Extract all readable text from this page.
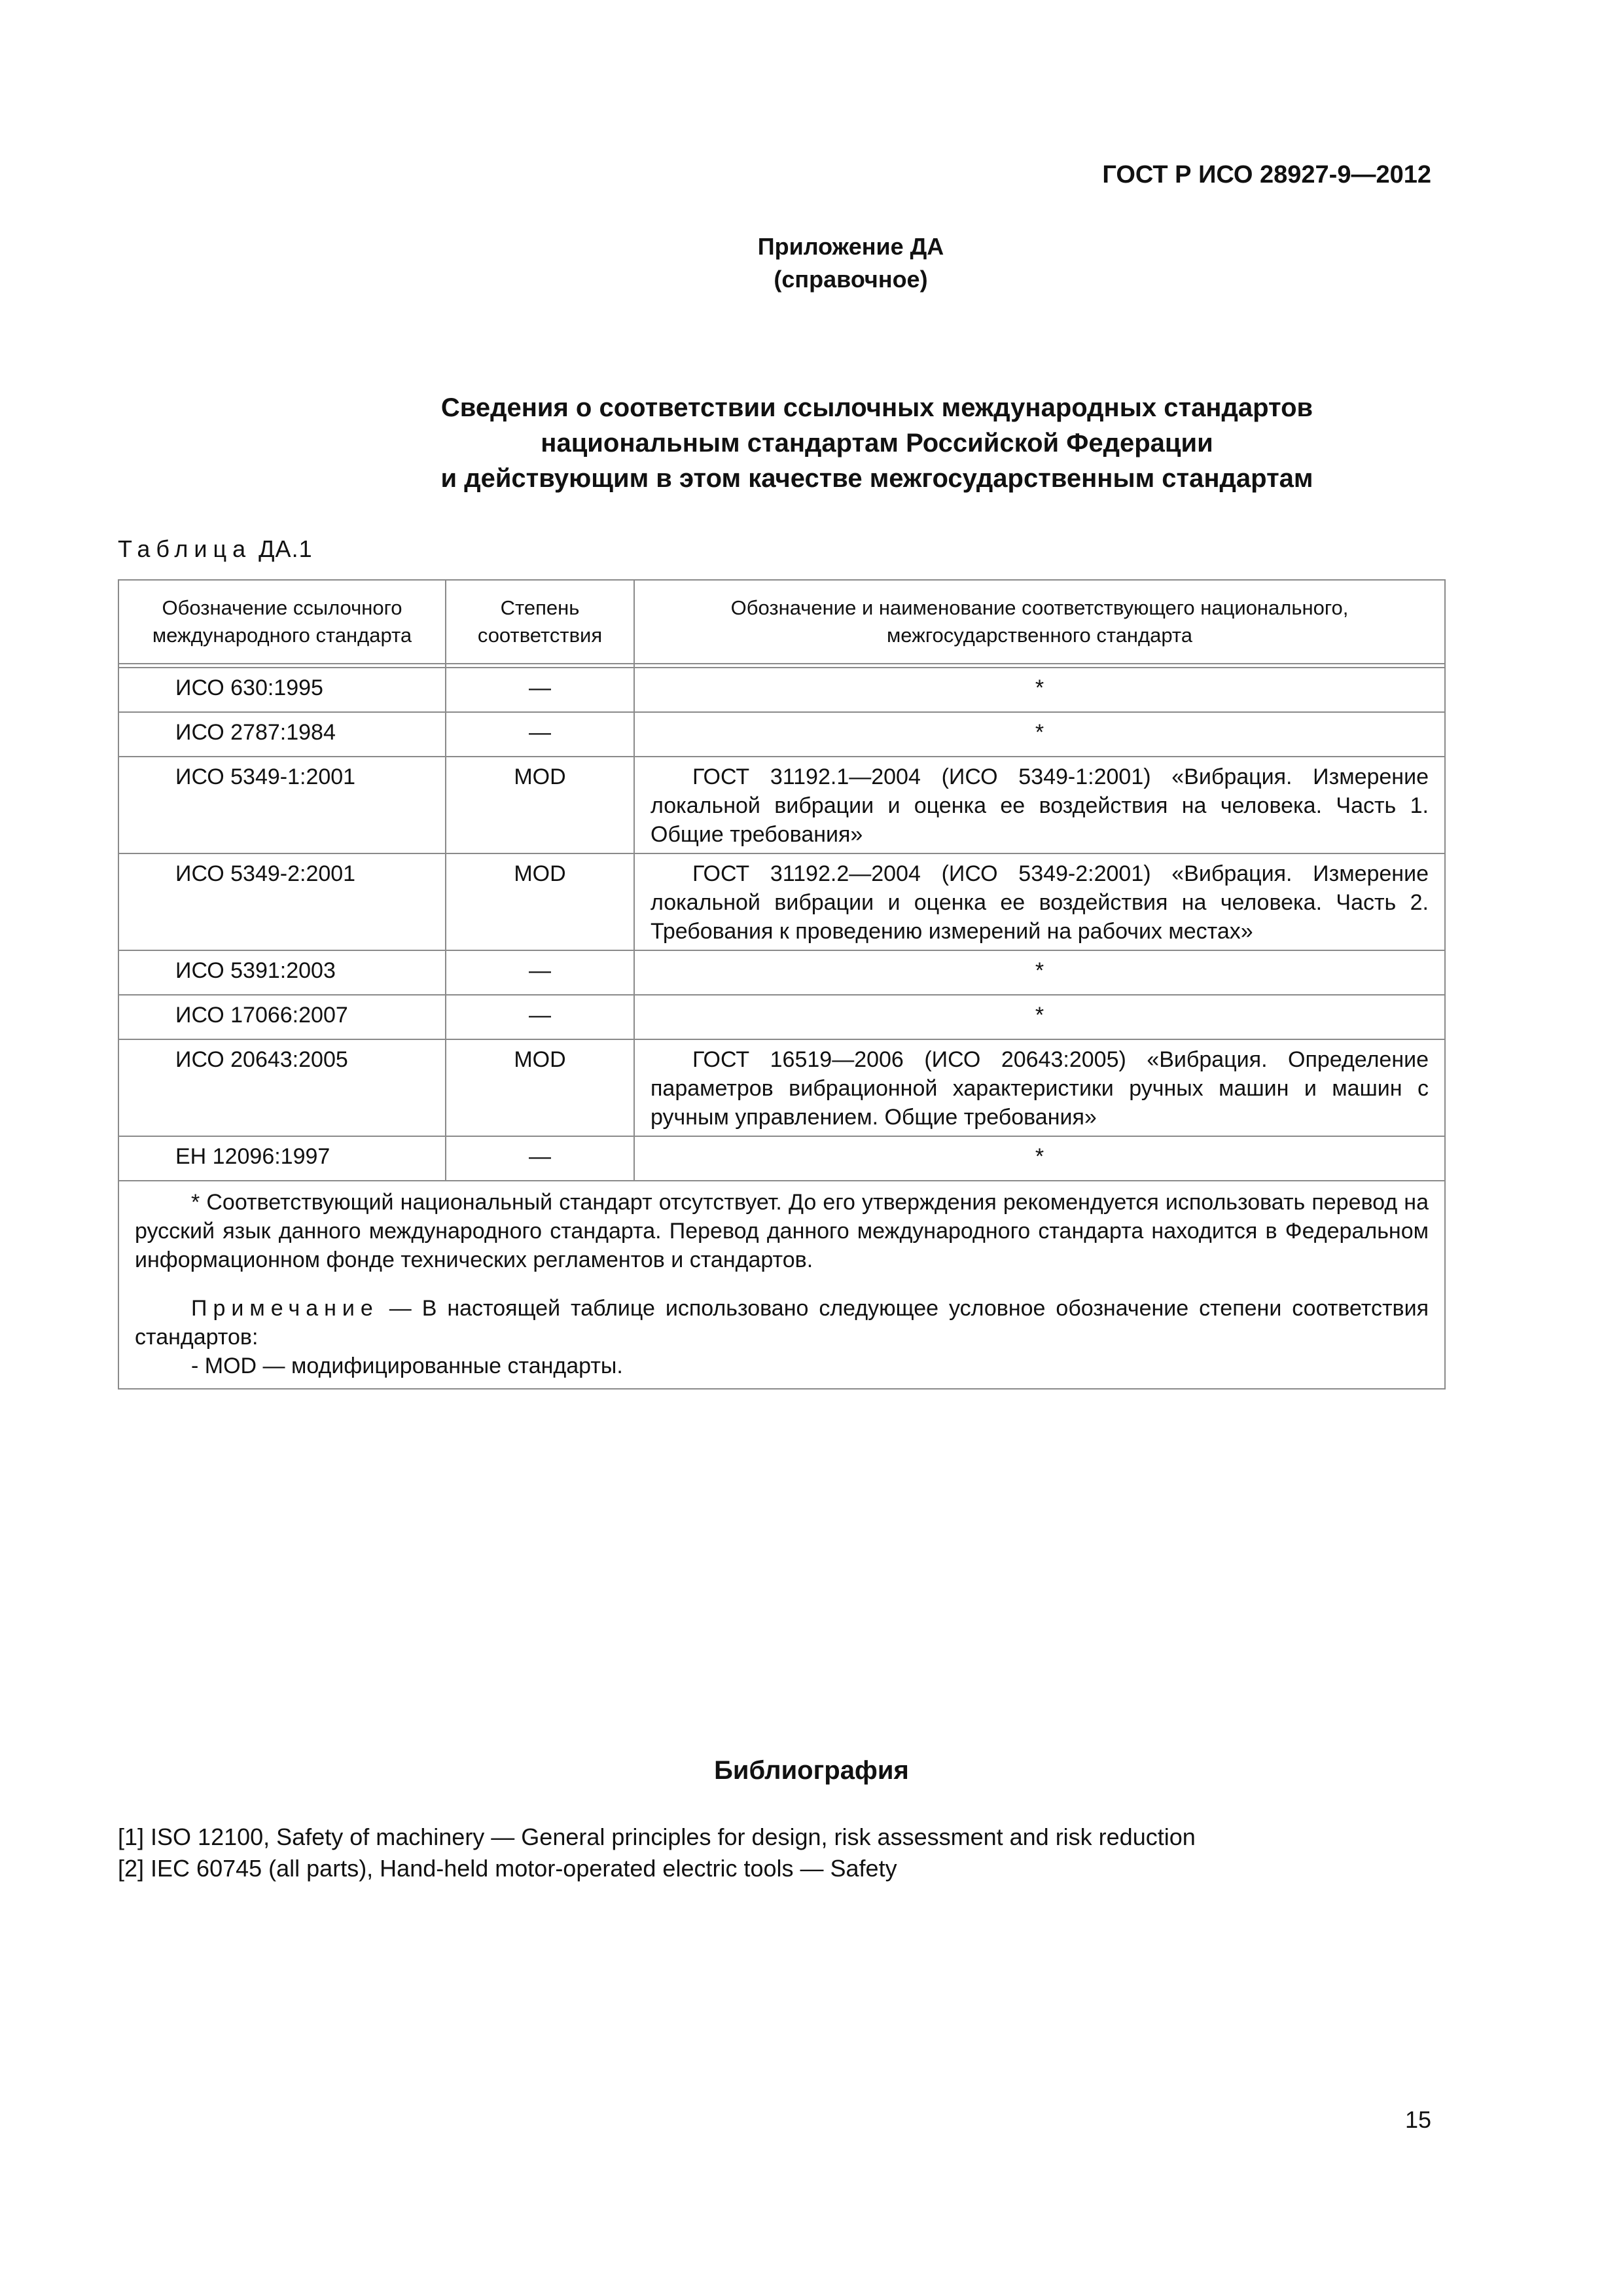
ГОСТ Р ИСО 28927-9—2012
Приложение ДА
(справочное)
Сведения о соответствии ссылочных международных стандартов
национальным стандартам Российской Федерации
и действующим в этом качестве межгосударственным стандартам
Таблица ДА.1
Обозначение ссылочного международного стандарта	Степень соответствия	Обозначение и наименование соответствующего национального, межгосударственного стандарта

ИСО 630:1995	—	*
ИСО 2787:1984	—	*
ИСО 5349-1:2001	MOD	ГОСТ 31192.1—2004 (ИСО 5349-1:2001) «Вибрация. Измерение локальной вибрации и оценка ее воздействия на человека. Часть 1. Общие требования»
ИСО 5349-2:2001	MOD	ГОСТ 31192.2—2004 (ИСО 5349-2:2001) «Вибрация. Измерение локальной вибрации и оценка ее воздействия на человека. Часть 2. Требования к проведению измерений на рабочих местах»
ИСО 5391:2003	—	*
ИСО 17066:2007	—	*
ИСО 20643:2005	MOD	ГОСТ 16519—2006 (ИСО 20643:2005) «Вибрация. Определение параметров вибрационной характеристики ручных машин и машин с ручным управлением. Общие требования»
ЕН 12096:1997	—	*

* Соответствующий национальный стандарт отсутствует. До его утверждения рекомендуется использовать перевод на русский язык данного международного стандарта. Перевод данного международного стандарта находится в Федеральном информационном фонде технических регламентов и стандартов.

Примечание — В настоящей таблице использовано следующее условное обозначение степени соответствия стандартов:

- MOD — модифицированные стандарты.		

Библиография
[1] ISO 12100, Safety of machinery — General principles for design, risk assessment and risk reduction
[2] IEC 60745 (all parts), Hand-held motor-operated electric tools — Safety
15
